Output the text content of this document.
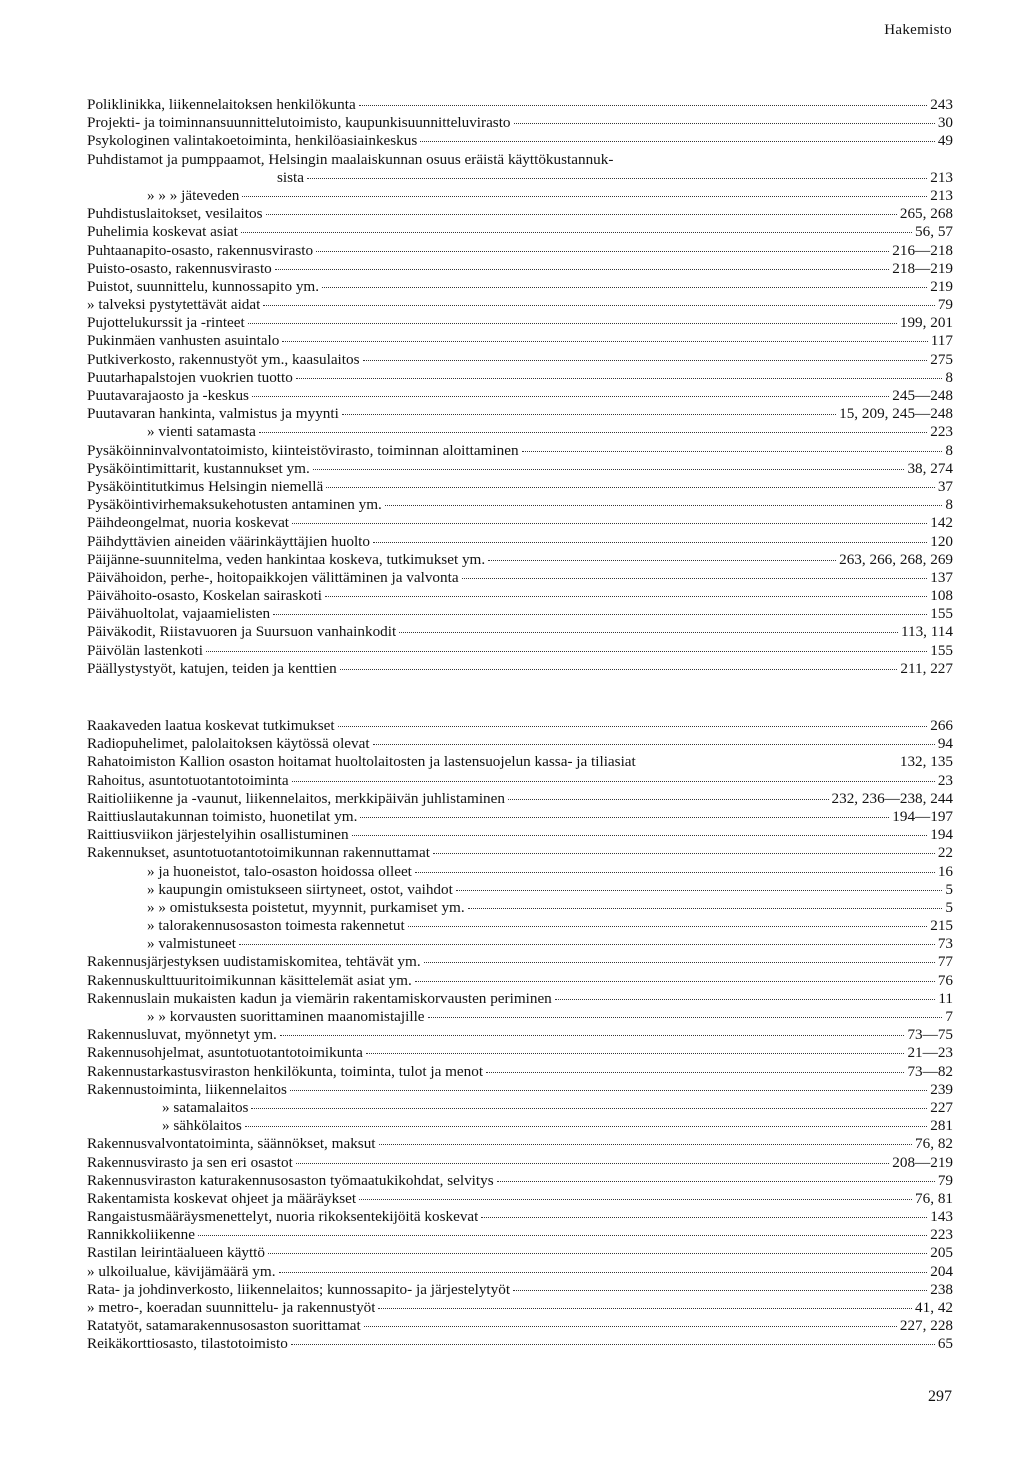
Hakemisto
Poliklinikka, liikennelaitoksen henkilökunta	243
Projekti- ja toiminnansuunnittelutoimisto, kaupunkisuunnitteluvirasto	30
Psykologinen valintakoetoiminta, henkilöasiainkeskus	49
Puhdistamot ja pumppaamot, Helsingin maalaiskunnan osuus eräistä käyttökustannuk-
sista	213
» » » jäteveden	213
Puhdistuslaitokset, vesilaitos	265, 268
Puhelimia koskevat asiat	56, 57
Puhtaanapito-osasto, rakennusvirasto	216—218
Puisto-osasto, rakennusvirasto	218—219
Puistot, suunnittelu, kunnossapito ym.	219
» talveksi pystytettävät aidat	79
Pujottelukurssit ja -rinteet	199, 201
Pukinmäen vanhusten asuintalo	117
Putkiverkosto, rakennustyöt ym., kaasulaitos	275
Puutarhapalstojen vuokrien tuotto	8
Puutavarajaosto ja -keskus	245—248
Puutavaran hankinta, valmistus ja myynti	15, 209, 245—248
» vienti satamasta	223
Pysäköinninvalvontatoimisto, kiinteistövirasto, toiminnan aloittaminen	8
Pysäköintimittarit, kustannukset ym.	38, 274
Pysäköintitutkimus Helsingin niemellä	37
Pysäköintivirhemaksukehotusten antaminen ym.	8
Päihdeongelmat, nuoria koskevat	142
Päihdyttävien aineiden väärinkäyttäjien huolto	120
Päijänne-suunnitelma, veden hankintaa koskeva, tutkimukset ym.	263, 266, 268, 269
Päivähoidon, perhe-, hoitopaikkojen välittäminen ja valvonta	137
Päivähoito-osasto, Koskelan sairaskoti	108
Päivähuoltolat, vajaamielisten	155
Päiväkodit, Riistavuoren ja Suursuon vanhainkodit	113, 114
Päivölän lastenkoti	155
Päällystystyöt, katujen, teiden ja kenttien	211, 227
Raakaveden laatua koskevat tutkimukset	266
Radiopuhelimet, palolaitoksen käytössä olevat	94
Rahatoimiston Kallion osaston hoitamat huoltolaitosten ja lastensuojelun kassa- ja tiliasiat	132, 135
Rahoitus, asuntotuotantotoiminta	23
Raitioliikenne ja -vaunut, liikennelaitos, merkkipäivän juhlistaminen	232, 236—238, 244
Raittiuslautakunnan toimisto, huonetilat ym.	194—197
Raittiusviikon järjestelyihin osallistuminen	194
Rakennukset, asuntotuotantotoimikunnan rakennuttamat	22
» ja huoneistot, talo-osaston hoidossa olleet	16
» kaupungin omistukseen siirtyneet, ostot, vaihdot	5
» » omistuksesta poistetut, myynnit, purkamiset ym.	5
» talorakennusosaston toimesta rakennetut	215
» valmistuneet	73
Rakennusjärjestyksen uudistamiskomitea, tehtävät ym.	77
Rakennuskulttuuritoimikunnan käsittelemät asiat ym.	76
Rakennuslain mukaisten kadun ja viemärin rakentamiskorvausten periminen	11
» » korvausten suorittaminen maanomistajille	7
Rakennusluvat, myönnetyt ym.	73—75
Rakennusohjelmat, asuntotuotantotoimikunta	21—23
Rakennustarkastusviraston henkilökunta, toiminta, tulot ja menot	73—82
Rakennustoiminta, liikennelaitos	239
» satamalaitos	227
» sähkölaitos	281
Rakennusvalvontatoiminta, säännökset, maksut	76, 82
Rakennusvirasto ja sen eri osastot	208—219
Rakennusviraston katurakennusosaston työmaatukikohdat, selvitys	79
Rakentamista koskevat ohjeet ja määräykset	76, 81
Rangaistusmääräysmenettelyt, nuoria rikoksentekijöitä koskevat	143
Rannikkoliikenne	223
Rastilan leirintäalueen käyttö	205
» ulkoilualue, kävijämäärä ym.	204
Rata- ja johdinverkosto, liikennelaitos; kunnossapito- ja järjestelytyöt	238
» metro-, koeradan suunnittelu- ja rakennustyöt	41, 42
Ratatyöt, satamarakennusosaston suorittamat	227, 228
Reikäkorttiosasto, tilastotoimisto	65
297
